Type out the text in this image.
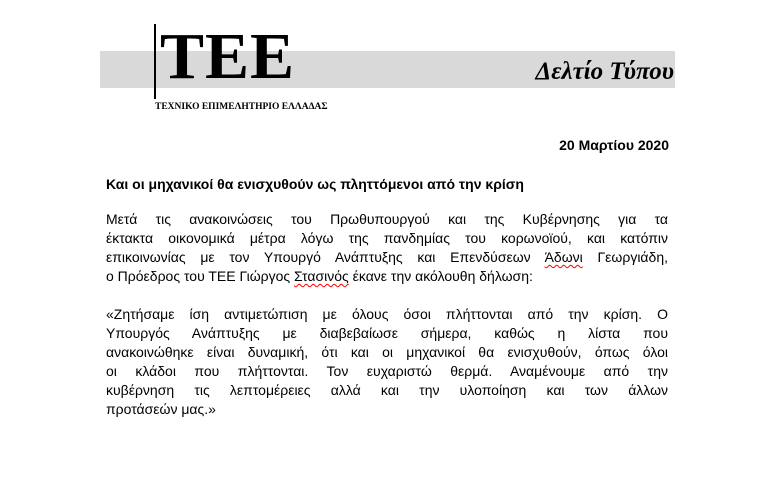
ΤΕΕ
ΤΕΧΝΙΚΟ ΕΠΙΜΕΛΗΤΗΡΙΟ ΕΛΛΑΔΑΣ
Δελτίο Τύπου
20 Μαρτίου 2020
Και οι μηχανικοί θα ενισχυθούν ως πληττόμενοι από την κρίση
Μετά τις ανακοινώσεις του Πρωθυπουργού και της Κυβέρνησης για τα
έκτακτα οικονομικά μέτρα λόγω της πανδημίας του κορωνοϊού, και κατόπιν
επικοινωνίας με τον Υπουργό Ανάπτυξης και Επενδύσεων Άδωνι Γεωργιάδη,
ο Πρόεδρος του ΤΕΕ Γιώργος Στασινός έκανε την ακόλουθη δήλωση:
«Ζητήσαμε ίση αντιμετώπιση με όλους όσοι πλήττονται από την κρίση. Ο
Υπουργός Ανάπτυξης με διαβεβαίωσε σήμερα, καθώς η λίστα που
ανακοινώθηκε είναι δυναμική, ότι και οι μηχανικοί θα ενισχυθούν, όπως όλοι
οι κλάδοι που πλήττονται. Τον ευχαριστώ θερμά. Αναμένουμε από την
κυβέρνηση τις λεπτομέρειες αλλά και την υλοποίηση και των άλλων
προτάσεών μας.»
